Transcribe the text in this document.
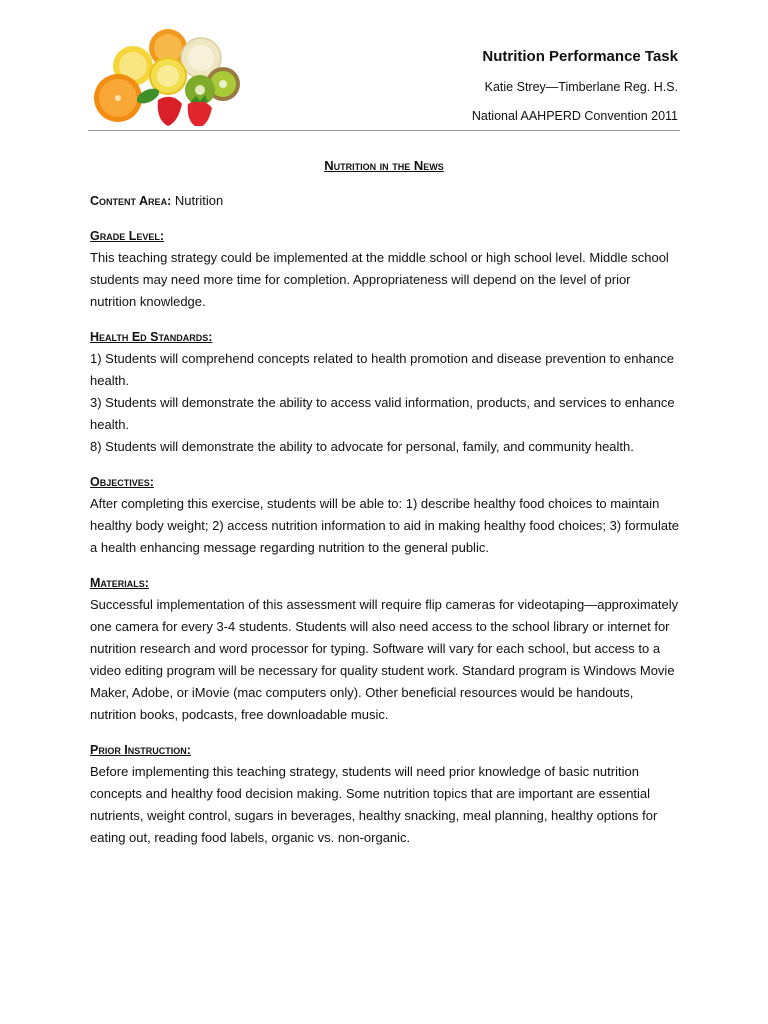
Nutrition Performance Task
Katie Strey—Timberlane Reg. H.S.
National AAHPERD Convention 2011
Nutrition in the News
Content Area: Nutrition
Grade Level:
This teaching strategy could be implemented at the middle school or high school level. Middle school students may need more time for completion. Appropriateness will depend on the level of prior nutrition knowledge.
Health Ed Standards:
1) Students will comprehend concepts related to health promotion and disease prevention to enhance health.
3) Students will demonstrate the ability to access valid information, products, and services to enhance health.
8) Students will demonstrate the ability to advocate for personal, family, and community health.
Objectives:
After completing this exercise, students will be able to: 1) describe healthy food choices to maintain healthy body weight; 2) access nutrition information to aid in making healthy food choices; 3) formulate a health enhancing message regarding nutrition to the general public.
Materials:
Successful implementation of this assessment will require flip cameras for videotaping—approximately one camera for every 3-4 students. Students will also need access to the school library or internet for nutrition research and word processor for typing. Software will vary for each school, but access to a video editing program will be necessary for quality student work. Standard program is Windows Movie Maker, Adobe, or iMovie (mac computers only). Other beneficial resources would be handouts, nutrition books, podcasts, free downloadable music.
Prior Instruction:
Before implementing this teaching strategy, students will need prior knowledge of basic nutrition concepts and healthy food decision making. Some nutrition topics that are important are essential nutrients, weight control, sugars in beverages, healthy snacking, meal planning, healthy options for eating out, reading food labels, organic vs. non-organic.
